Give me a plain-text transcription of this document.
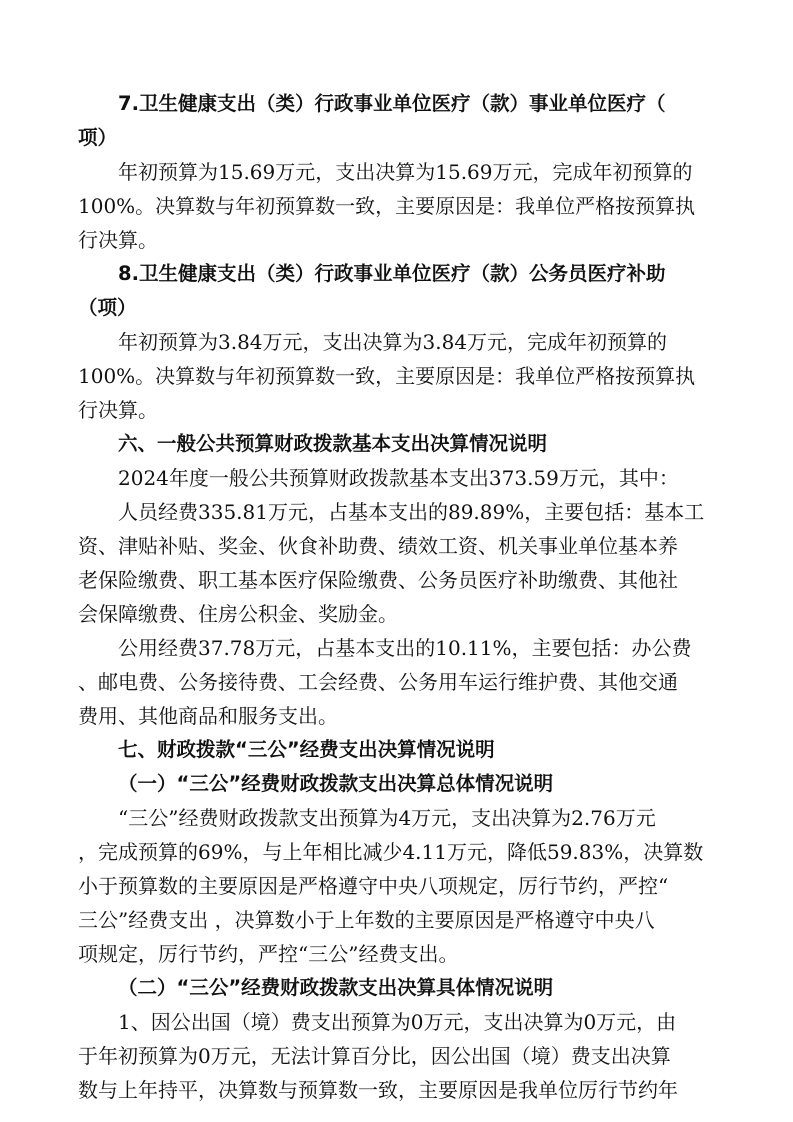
7.卫生健康支出（类）行政事业单位医疗（款）事业单位医疗（
项）
年初预算为15.69万元，支出决算为15.69万元，完成年初预算的
100%。决算数与年初预算数一致，主要原因是：我单位严格按预算执
行决算。
8.卫生健康支出（类）行政事业单位医疗（款）公务员医疗补助
（项）
年初预算为3.84万元，支出决算为3.84万元，完成年初预算的
100%。决算数与年初预算数一致，主要原因是：我单位严格按预算执
行决算。
六、一般公共预算财政拨款基本支出决算情况说明
2024年度一般公共预算财政拨款基本支出373.59万元，其中：
人员经费335.81万元，占基本支出的89.89%，主要包括：基本工
资、津贴补贴、奖金、伙食补助费、绩效工资、机关事业单位基本养
老保险缴费、职工基本医疗保险缴费、公务员医疗补助缴费、其他社
会保障缴费、住房公积金、奖励金。
公用经费37.78万元，占基本支出的10.11%，主要包括：办公费
、邮电费、公务接待费、工会经费、公务用车运行维护费、其他交通
费用、其他商品和服务支出。
七、财政拨款“三公”经费支出决算情况说明
（一）“三公”经费财政拨款支出决算总体情况说明
“三公”经费财政拨款支出预算为4万元，支出决算为2.76万元
，完成预算的69%，与上年相比减少4.11万元，降低59.83%，决算数
小于预算数的主要原因是严格遵守中央八项规定，厉行节约，严控“
三公”经费支出 ，决算数小于上年数的主要原因是严格遵守中央八
项规定，厉行节约，严控“三公”经费支出。
（二）“三公”经费财政拨款支出决算具体情况说明
1、因公出国（境）费支出预算为0万元，支出决算为0万元，由
于年初预算为0万元，无法计算百分比，因公出国（境）费支出决算
数与上年持平，决算数与预算数一致，主要原因是我单位厉行节约年
